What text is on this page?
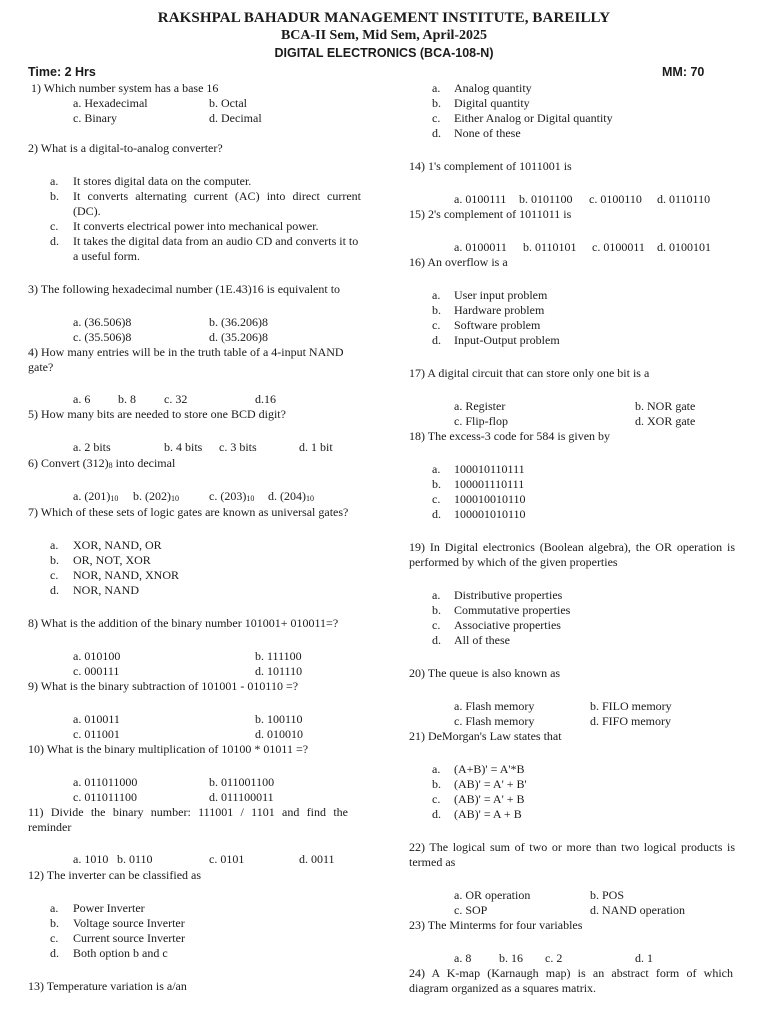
RAKSHPAL BAHADUR MANAGEMENT INSTITUTE, BAREILLY
BCA-II Sem, Mid Sem, April-2025
DIGITAL ELECTRONICS (BCA-108-N)
Time: 2 Hrs	MM: 70
1) Which number system has a base 16
a. Hexadecimal	b. Octal
c. Binary	d. Decimal
2) What is a digital-to-analog converter?
a.	It stores digital data on the computer.
b.	It converts alternating current (AC) into direct current (DC).
c.	It converts electrical power into mechanical power.
d.	It takes the digital data from an audio CD and converts it to a useful form.
3) The following hexadecimal number (1E.43)16 is equivalent to
a. (36.506)8	b. (36.206)8
c. (35.506)8	d. (35.206)8
4) How many entries will be in the truth table of a 4-input NAND gate?
a. 6 b. 8 c. 32	d.16
5) How many bits are needed to store one BCD digit?
a. 2 bits	b. 4 bits c. 3 bits	d. 1 bit
6) Convert $(312)_8$ into decimal
a. $(201)_{10}$ b. $(202)_{10}$	c. $(203)_{10}$ d. $(204)_{10}$
7) Which of these sets of logic gates are known as universal gates?
a.	XOR, NAND, OR
b.	OR, NOT, XOR
c.	NOR, NAND, XNOR
d.	NOR, NAND
8) What is the addition of the binary number 101001+ 010011=?
a. 010100	b. 111100
c. 000111	d. 101110
9) What is the binary subtraction of 101001 - 010110 =?
a. 010011	b. 100110
c. 011001	d. 010010
10) What is the binary multiplication of 10100 * 01011 =?
a. 011011000	b. 011001100
c. 011011100	d. 011100011
11) Divide the binary number: 111001 / 1101 and find the reminder
a. 1010 b. 0110	c. 0101	d. 0011
12) The inverter can be classified as
a.	Power Inverter
b.	Voltage source Inverter
c.	Current source Inverter
d.	Both option b and c
13) Temperature variation is a/an
a.	Analog quantity
b.	Digital quantity
c.	Either Analog or Digital quantity
d.	None of these
14) 1's complement of 1011001 is
a. 0100111 b. 0101100 c. 0100110 d. 0110110
15) 2's complement of 1011011 is
a. 0100011 b. 0110101 c. 0100011 d. 0100101
16) An overflow is a
a.	User input problem
b.	Hardware problem
c.	Software problem
d.	Input-Output problem
17) A digital circuit that can store only one bit is a
a. Register	b. NOR gate
c. Flip-flop	d. XOR gate
18) The excess-3 code for 584 is given by
a.	100010110111
b.	100001110111
c.	100010010110
d.	100001010110
19) In Digital electronics (Boolean algebra), the OR operation is performed by which of the given properties
a.	Distributive properties
b.	Commutative properties
c.	Associative properties
d.	All of these
20) The queue is also known as
a. Flash memory	b. FILO memory
c. Flash memory	d. FIFO memory
21) DeMorgan's Law states that
a.	(A+B)' = A'*B
b.	(AB)' = A' + B'
c.	(AB)' = A' + B
d.	(AB)' = A + B
22) The logical sum of two or more than two logical products is termed as
a. OR operation	b. POS
c. SOP	d. NAND operation
23) The Minterms for four variables
a. 8 b. 16 c. 2	d. 1
24) A K-map (Karnaugh map) is an abstract form of which diagram organized as a squares matrix.
